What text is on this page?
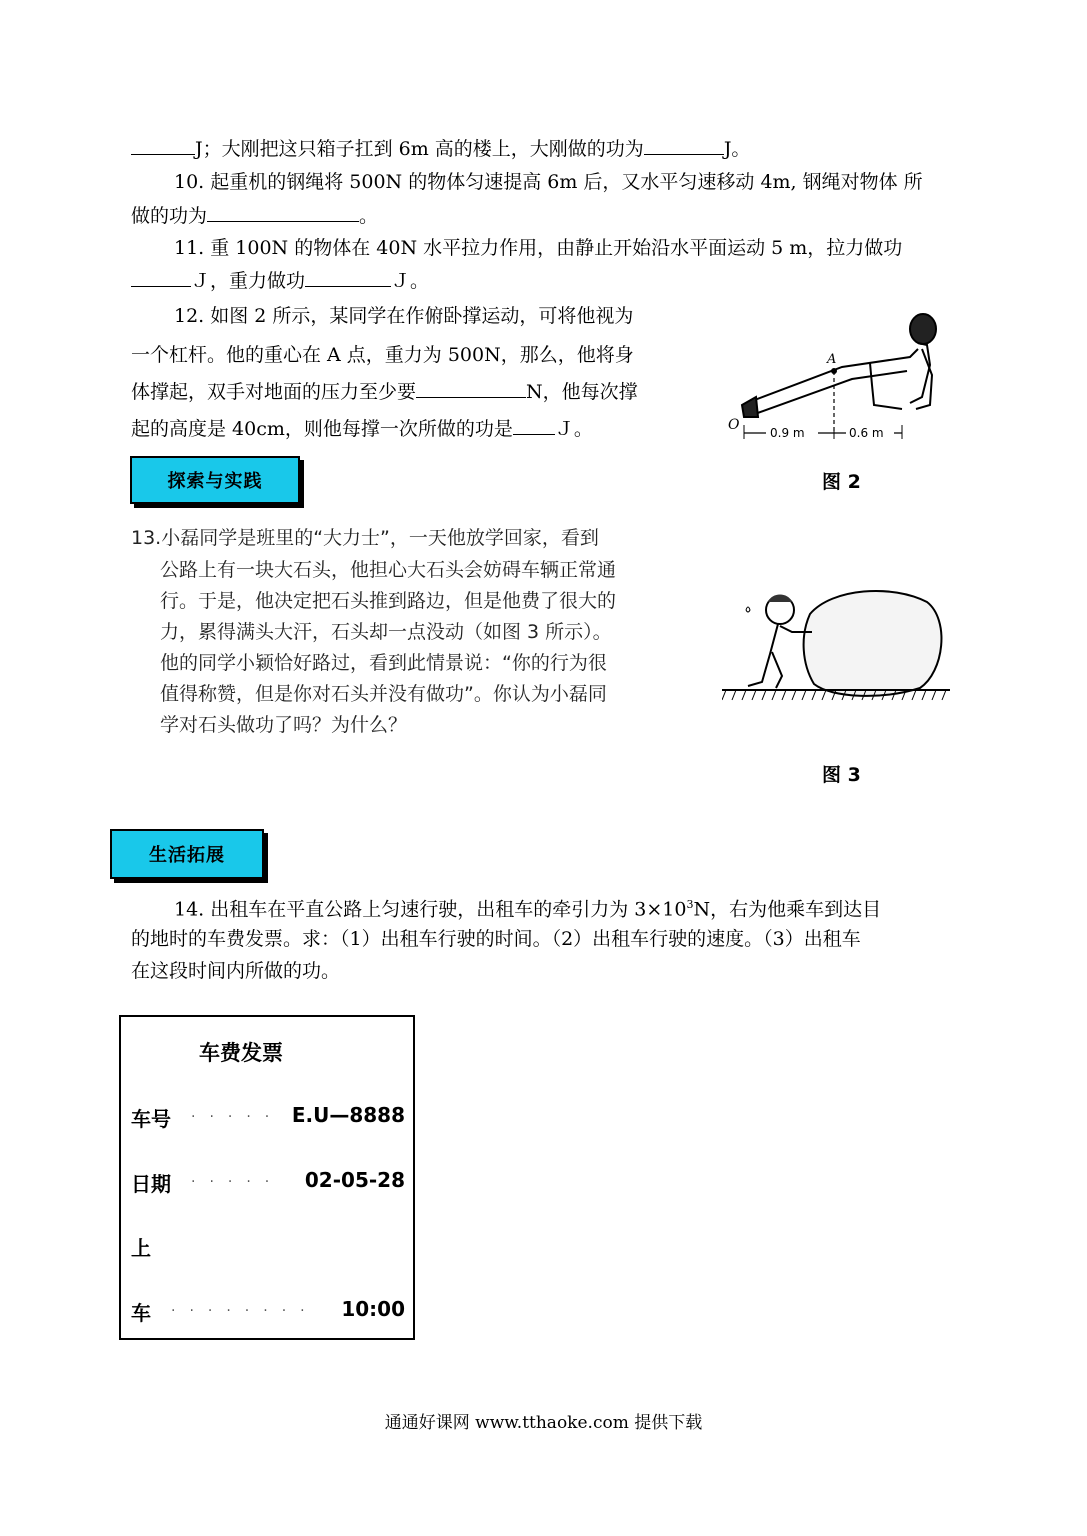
J；大刚把这只箱子扛到 6m 高的楼上，大刚做的功为	J。
10. 起重机的钢绳将 500N 的物体匀速提高 6m 后，又水平匀速移动 4m, 钢绳对物体 所
做的功为	。
11. 重 100N 的物体在 40N 水平拉力作用，由静止开始沿水平面运动 5 m，拉力做功
Ｊ，重力做功	Ｊ。
12. 如图 2 所示，某同学在作俯卧撑运动，可将他视为
一个杠杆。他的重心在 A 点，重力为 500N，那么，他将身
体撑起，双手对地面的压力至少要	N，他每次撑
起的高度是 40cm，则他每撑一次所做的功是 Ｊ。
A
O	0.9 m	0.6 m
图 2
探索与实践
13.小磊同学是班里的“大力士”，一天他放学回家，看到
公路上有一块大石头，他担心大石头会妨碍车辆正常通
行。于是，他决定把石头推到路边，但是他费了很大的
力，累得满头大汗，石头却一点没动（如图 3 所示）。
他的同学小颖恰好路过，看到此情景说：“你的行为很
值得称赞，但是你对石头并没有做功”。你认为小磊同
学对石头做功了吗？为什么？
图 3
生活拓展
14. 出租车在平直公路上匀速行驶，出租车的牵引力为 $3\times 10^3N$，右为他乘车到达目
的地时的车费发票。求：（1）出租车行驶的时间。（2）出租车行驶的速度。（3）出租车
在这段时间内所做的功。
车费发票
车号 ..... E.U—8888
日期 ..... 02-05-28
上
车 ........ 10:00
通通好课网 www.tthaoke.com 提供下载
